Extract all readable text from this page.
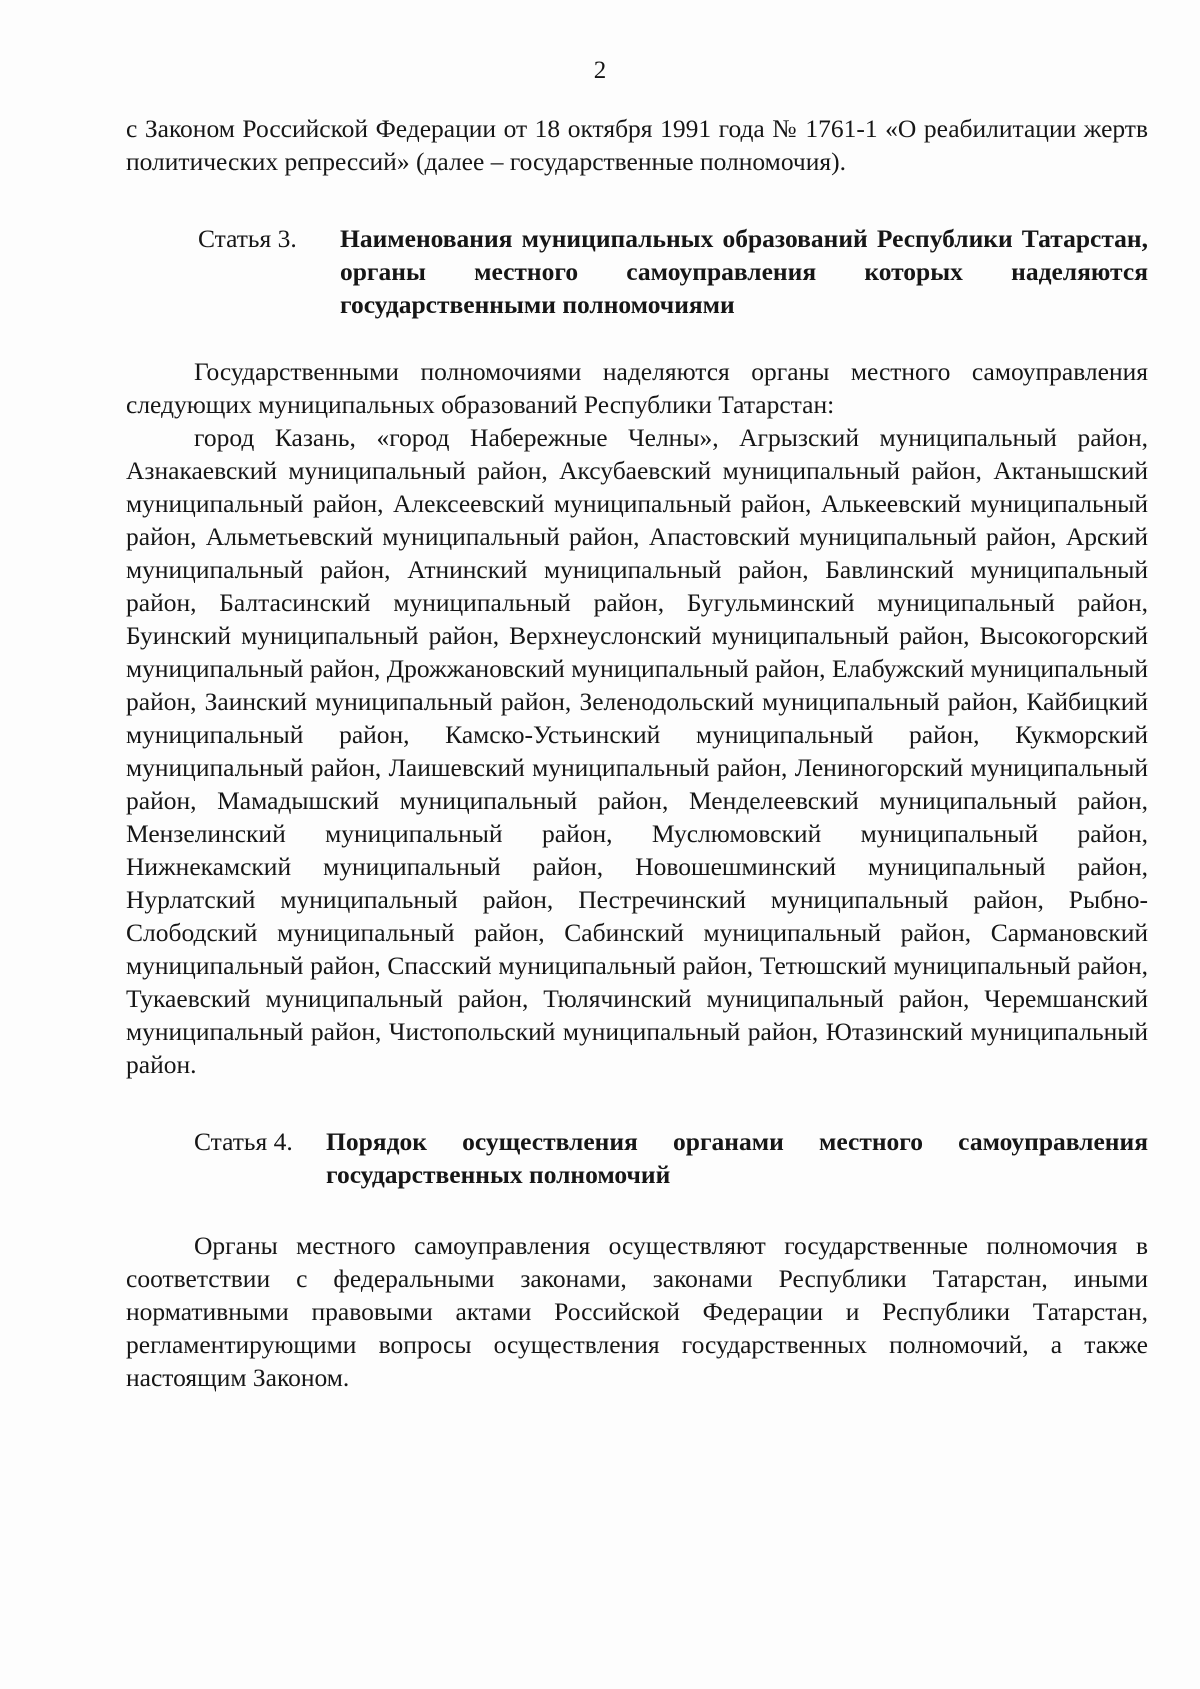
2

с Законом Российской Федерации от 18 октября 1991 года № 1761-1 «О реабилитации жертв политических репрессий» (далее – государственные полномочия).

Статья 3.	Наименования муниципальных образований Республики Татарстан, органы местного самоуправления которых наделяются государственными полномочиями

Государственными полномочиями наделяются органы местного самоуправления следующих муниципальных образований Республики Татарстан:

город Казань, «город Набережные Челны», Агрызский муниципальный район, Азнакаевский муниципальный район, Аксубаевский муниципальный район, Актанышский муниципальный район, Алексеевский муниципальный район, Алькеевский муниципальный район, Альметьевский муниципальный район, Апастовский муниципальный район, Арский муниципальный район, Атнинский муниципальный район, Бавлинский муниципальный район, Балтасинский муниципальный район, Бугульминский муниципальный район, Буинский муниципальный район, Верхнеуслонский муниципальный район, Высокогорский муниципальный район, Дрожжановский муниципальный район, Елабужский муниципальный район, Заинский муниципальный район, Зеленодольский муниципальный район, Кайбицкий муниципальный район, Камско-Устьинский муниципальный район, Кукморский муниципальный район, Лаишевский муниципальный район, Лениногорский муниципальный район, Мамадышский муниципальный район, Менделеевский муниципальный район, Мензелинский муниципальный район, Муслюмовский муниципальный район, Нижнекамский муниципальный район, Новошешминский муниципальный район, Нурлатский муниципальный район, Пестречинский муниципальный район, Рыбно-Слободский муниципальный район, Сабинский муниципальный район, Сармановский муниципальный район, Спасский муниципальный район, Тетюшский муниципальный район, Тукаевский муниципальный район, Тюлячинский муниципальный район, Черемшанский муниципальный район, Чистопольский муниципальный район, Ютазинский муниципальный район.

Статья 4.	Порядок осуществления органами местного самоуправления государственных полномочий

Органы местного самоуправления осуществляют государственные полномочия в соответствии с федеральными законами, законами Республики Татарстан, иными нормативными правовыми актами Российской Федерации и Республики Татарстан, регламентирующими вопросы осуществления государственных полномочий, а также настоящим Законом.
